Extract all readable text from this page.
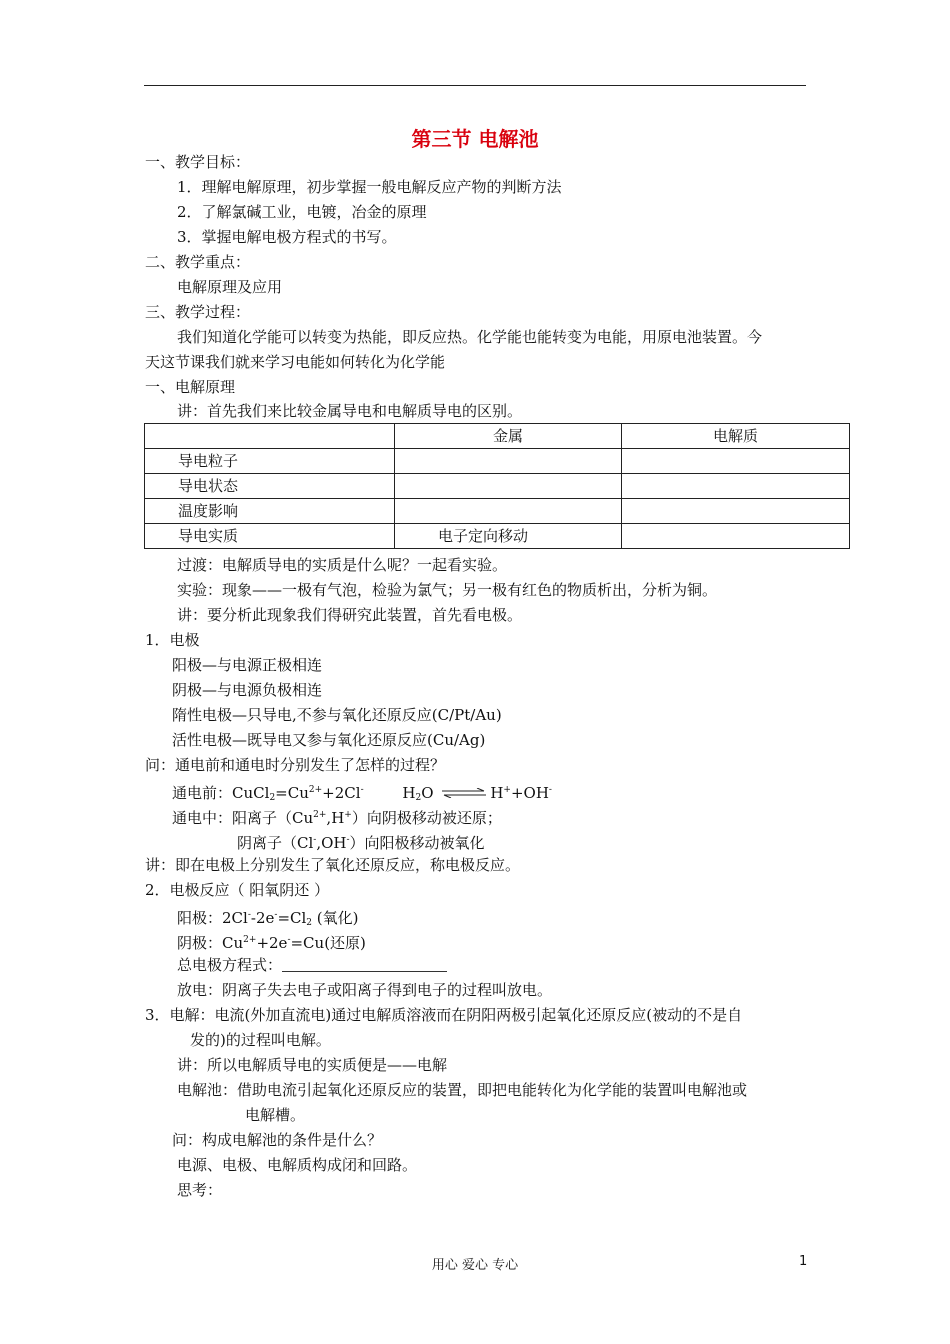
第三节 电解池
一、教学目标：
1．理解电解原理，初步掌握一般电解反应产物的判断方法
2．了解氯碱工业，电镀，冶金的原理
3．掌握电解电极方程式的书写。
二、教学重点：
电解原理及应用
三、教学过程：
我们知道化学能可以转变为热能，即反应热。化学能也能转变为电能，用原电池装置。今
天这节课我们就来学习电能如何转化为化学能
一、电解原理
讲：首先我们来比较金属导电和电解质导电的区别。
	金属	电解质
导电粒子		
导电状态		
温度影响		
导电实质	电子定向移动	
过渡：电解质导电的实质是什么呢？一起看实验。
实验：现象——一极有气泡，检验为氯气；另一极有红色的物质析出，分析为铜。
讲：要分析此现象我们得研究此装置，首先看电极。
1．电极
阳极—与电源正极相连
阴极—与电源负极相连
隋性电极—只导电,不参与氧化还原反应(C/Pt/Au)
活性电极—既导电又参与氧化还原反应(Cu/Ag)
问：通电前和通电时分别发生了怎样的过程？
通电前：$CuCl_2=Cu^{2+}+2Cl^-$	$H_2O$ ⇌ H++OH-
通电中：阳离子$(Cu^{2+},H^+)$向阴极移动被还原；
阴离子（Cl-,OH-）向阳极移动被氧化
讲：即在电极上分别发生了氧化还原反应，称电极反应。
2．电极反应（ 阳氧阴还 ）
阳极：$2Cl^--2e^-=Cl_2$ (氧化)
阴极：$Cu^{2+}+2e^-=Cu$(还原)
总电极方程式：
放电：阴离子失去电子或阳离子得到电子的过程叫放电。
3．电解：电流(外加直流电)通过电解质溶液而在阴阳两极引起氧化还原反应(被动的不是自
发的)的过程叫电解。
讲：所以电解质导电的实质便是——电解
电解池：借助电流引起氧化还原反应的装置，即把电能转化为化学能的装置叫电解池或
电解槽。
问：构成电解池的条件是什么？
电源、电极、电解质构成闭和回路。
思考：
用心 爱心 专心	1
